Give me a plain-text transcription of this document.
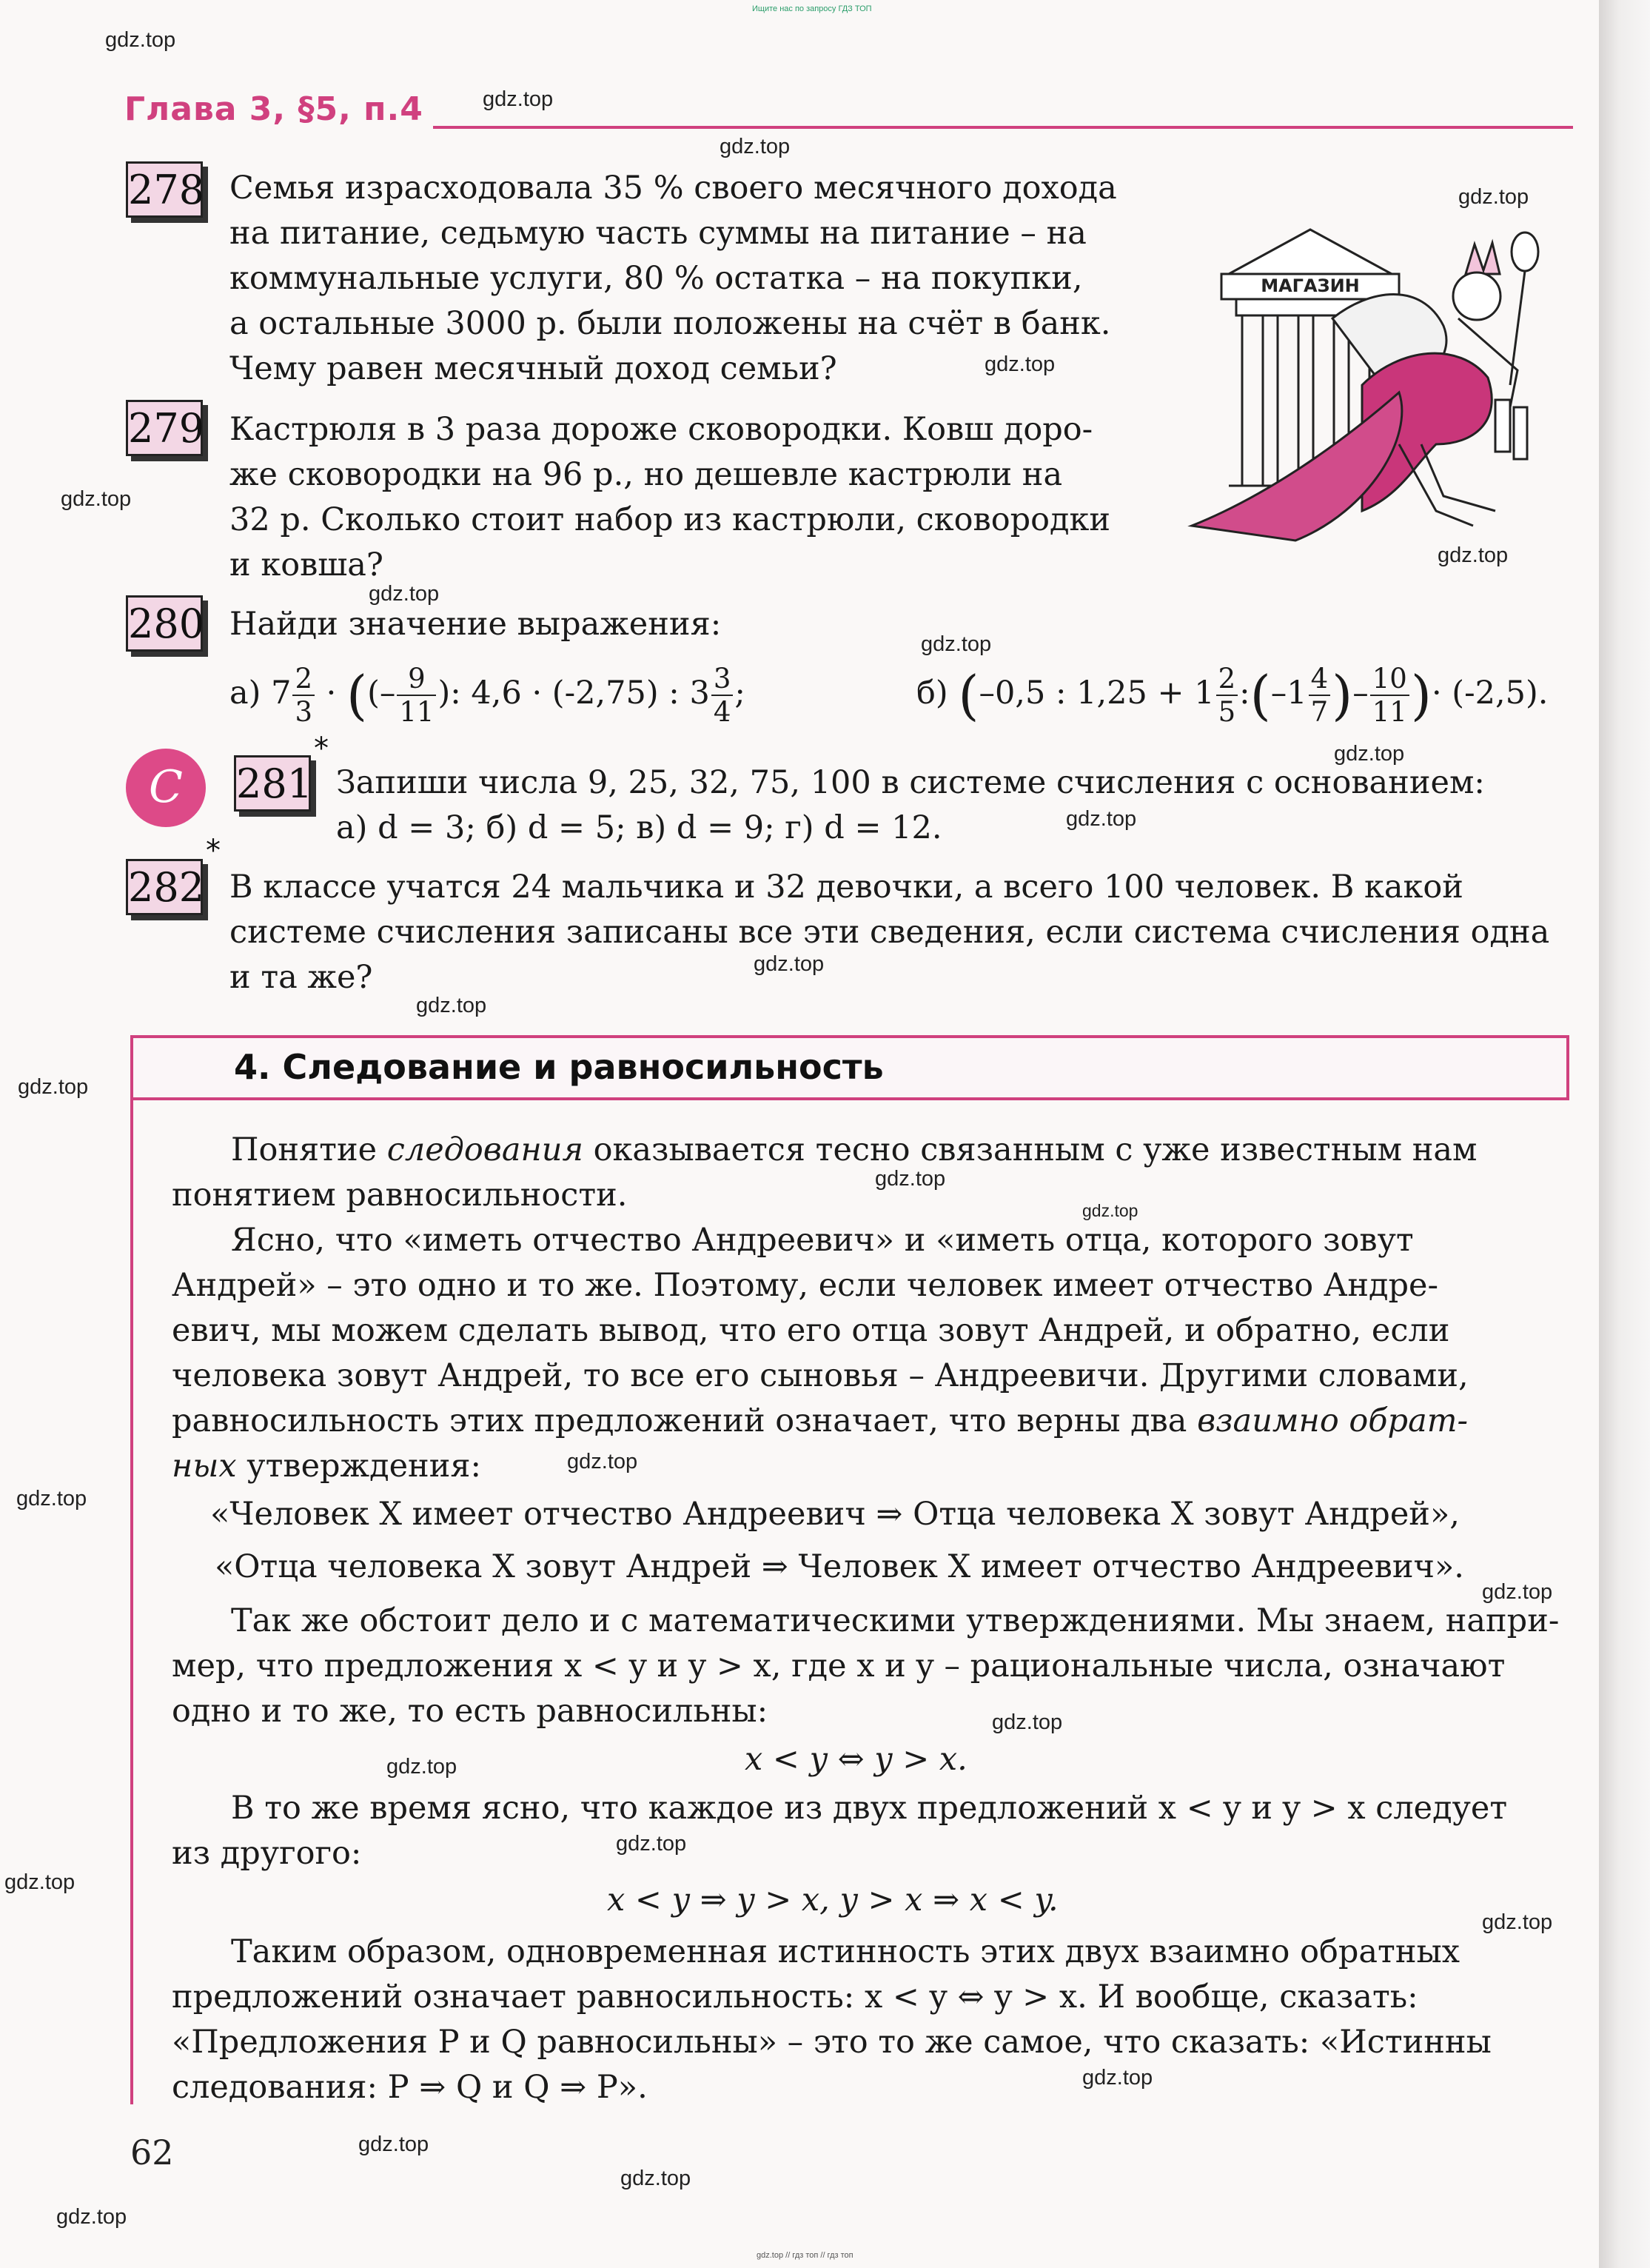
Ищите нас по запросу ГДЗ ТОП
gdz.top // гдз топ // гдз топ
gdz.top
gdz.top
gdz.top
gdz.top
gdz.top
gdz.top
gdz.top
gdz.top
gdz.top
gdz.top
gdz.top
gdz.top
gdz.top
gdz.top
gdz.top
gdz.top
gdz.top
gdz.top
gdz.top
gdz.top
gdz.top
gdz.top
gdz.top
gdz.top
gdz.top
gdz.top
gdz.top
gdz.top
Глава 3, §5, п.4
278 Семья израсходовала 35 % своего месячного дохода
на питание, седьмую часть суммы на питание – на
коммунальные услуги, 80 % остатка – на покупки,
а остальные 3000 р. были положены на счёт в банк.
Чему равен месячный доход семьи?
279 Кастрюля в 3 раза дороже сковородки. Ковш доро-
же сковородки на 96 р., но дешевле кастрюли на
32 р. Сколько стоит набор из кастрюли, сковородки
и ковша?
280 Найди значение выражения:
а) $7 \frac{2}{3}$ · ((– $\frac{9}{11}$ ): 4,6 · (-2,75) : $3 \frac{3}{4}$ ;	б) (–0,5 : $1,25 + 1 \frac{2}{5}$ :(–1 $\frac{4}{7}$ )– $\frac{10}{11}$ )· (-2,5).
C	281
*
Запиши числа 9, 25, 32, 75, 100 в системе счисления с основанием:
а) d = 3; б) d = 5; в) d = 9; г) d = 12.
282
*
В классе учатся 24 мальчика и 32 девочки, а всего 100 человек. В какой
системе счисления записаны все эти сведения, если система счисления одна
и та же?
МАГАЗИН
4. Следование и равносильность
Понятие следования оказывается тесно связанным с уже известным нам
понятием равносильности.
Ясно, что «иметь отчество Андреевич» и «иметь отца, которого зовут
Андрей» – это одно и то же. Поэтому, если человек имеет отчество Андре-
евич, мы можем сделать вывод, что его отца зовут Андрей, и обратно, если
человека зовут Андрей, то все его сыновья – Андреевичи. Другими словами,
равносильность этих предложений означает, что верны два взаимно обрат-
ных утверждения:
«Человек X имеет отчество Андреевич ⇒ Отца человека X зовут Андрей»,
«Отца человека X зовут Андрей ⇒ Человек X имеет отчество Андреевич».
Так же обстоит дело и с математическими утверждениями. Мы знаем, напри-
мер, что предложения x < y и y > x, где x и y – рациональные числа, означают
одно и то же, то есть равносильны:
x < y ⇔ y > x.
В то же время ясно, что каждое из двух предложений x < y и y > x следует
из другого:
x < y ⇒ y > x, y > x ⇒ x < y.
Таким образом, одновременная истинность этих двух взаимно обратных
предложений означает равносильность: x < y ⇔ y > x. И вообще, сказать:
«Предложения P и Q равносильны» – это то же самое, что сказать: «Истинны
следования: P ⇒ Q и Q ⇒ P».
62
